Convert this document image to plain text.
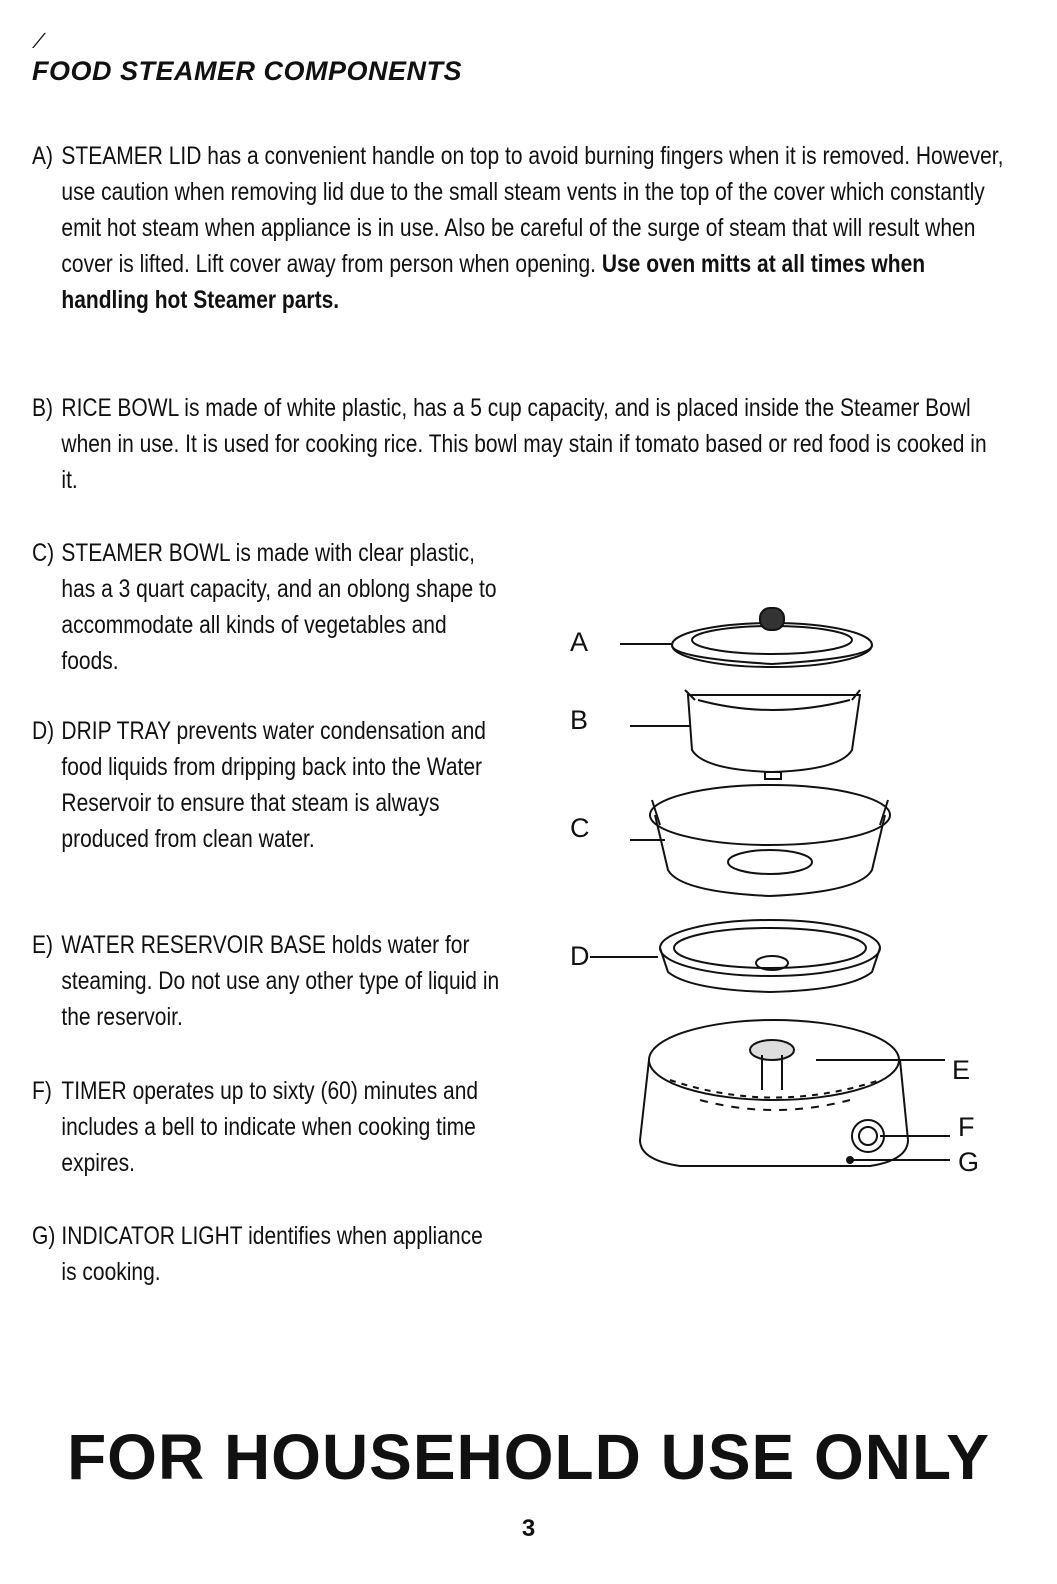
∕
FOOD STEAMER COMPONENTS
A) STEAMER LID has a convenient handle on top to avoid burning fingers when it is removed. However, use caution when removing lid due to the small steam vents in the top of the cover which constantly emit hot steam when appliance is in use. Also be careful of the surge of steam that will result when cover is lifted. Lift cover away from person when opening. Use oven mitts at all times when handling hot Steamer parts.
B) RICE BOWL is made of white plastic, has a 5 cup capacity, and is placed inside the Steamer Bowl when in use. It is used for cooking rice. This bowl may stain if tomato based or red food is cooked in it.
C) STEAMER BOWL is made with clear plastic, has a 3 quart capacity, and an oblong shape to accommodate all kinds of vegetables and foods.
D) DRIP TRAY prevents water condensation and food liquids from dripping back into the Water Reservoir to ensure that steam is always produced from clean water.
E) WATER RESERVOIR BASE holds water for steaming. Do not use any other type of liquid in the reservoir.
F) TIMER operates up to sixty (60) minutes and includes a bell to indicate when cooking time expires.
G) INDICATOR LIGHT identifies when appliance is cooking.
A
B
C
D
E
F
G
FOR HOUSEHOLD USE ONLY
3
